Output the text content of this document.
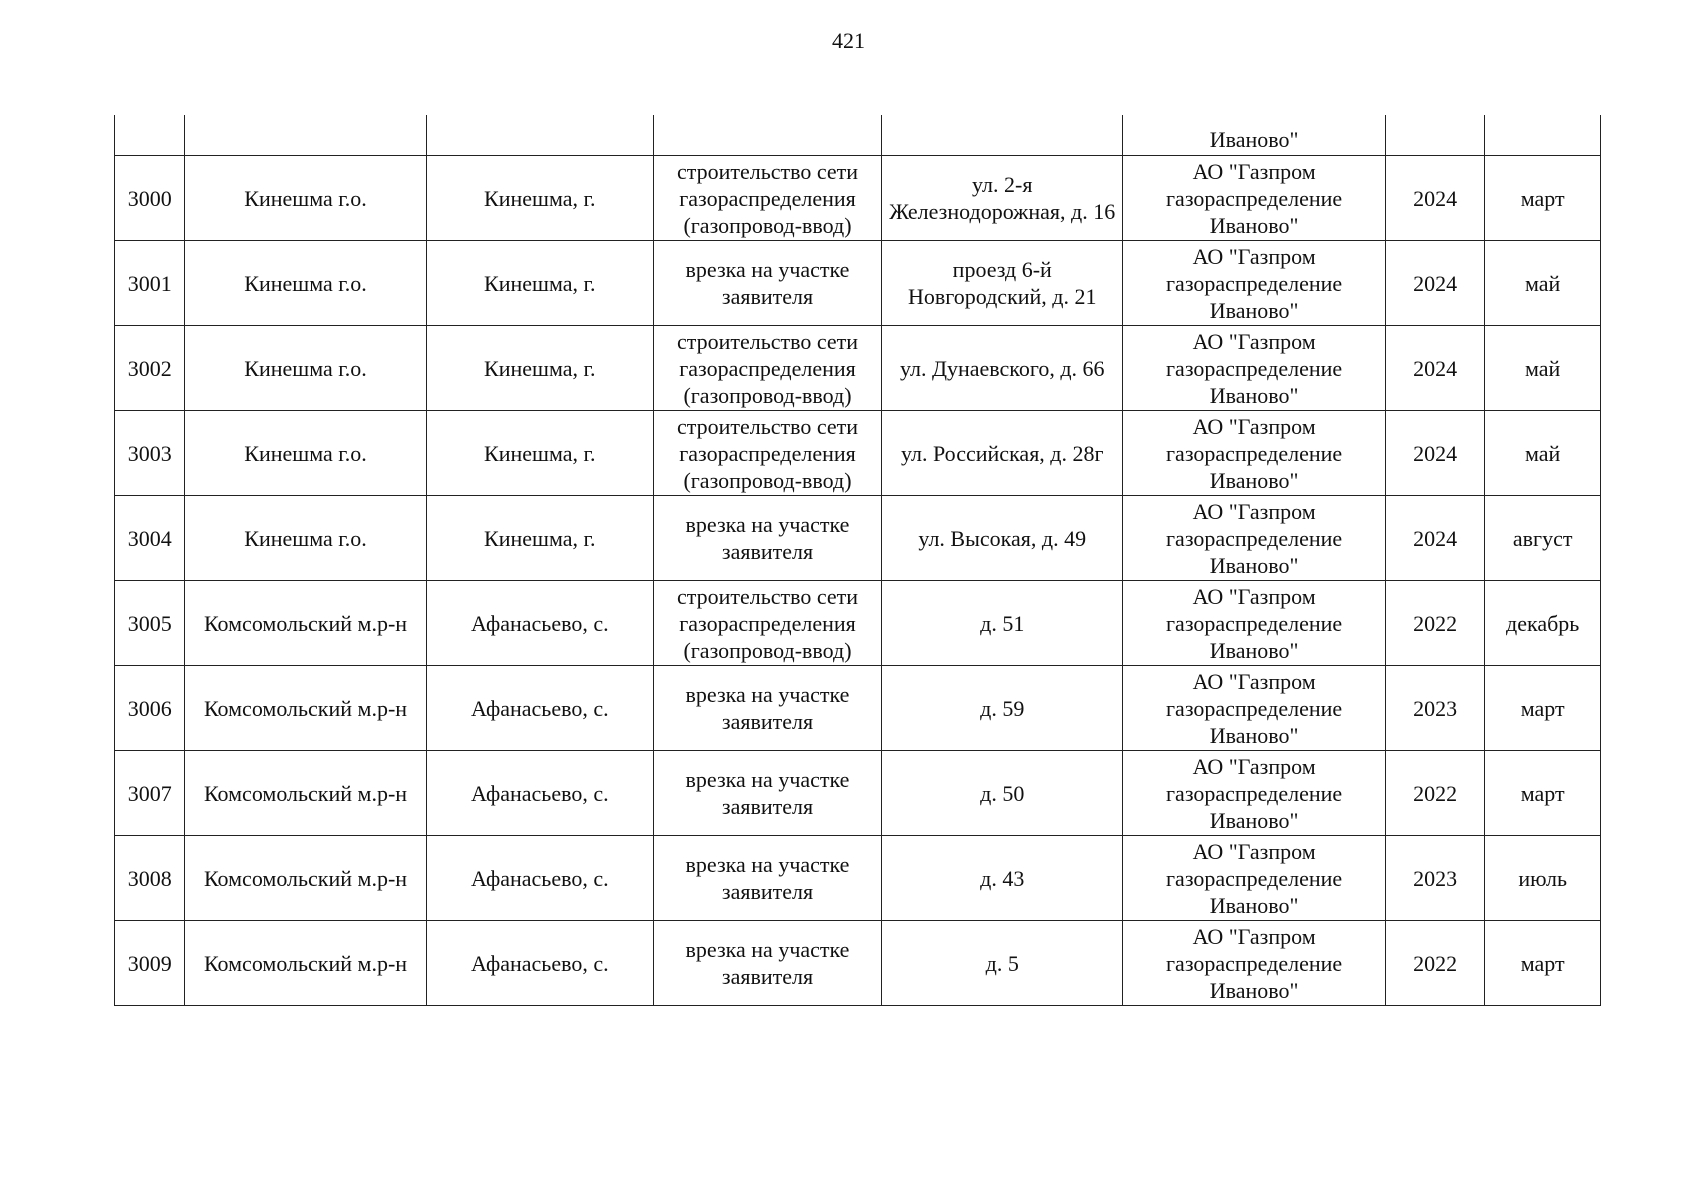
421
					Иваново"		
3000	Кинешма г.о.	Кинешма, г.	строительство сети газораспределения (газопровод-ввод)	ул. 2-я Железнодорожная, д. 16	АО "Газпром газораспределение Иваново"	2024	март
3001	Кинешма г.о.	Кинешма, г.	врезка на участке заявителя	проезд 6-й Новгородский, д. 21	АО "Газпром газораспределение Иваново"	2024	май
3002	Кинешма г.о.	Кинешма, г.	строительство сети газораспределения (газопровод-ввод)	ул. Дунаевского, д. 66	АО "Газпром газораспределение Иваново"	2024	май
3003	Кинешма г.о.	Кинешма, г.	строительство сети газораспределения (газопровод-ввод)	ул. Российская, д. 28г	АО "Газпром газораспределение Иваново"	2024	май
3004	Кинешма г.о.	Кинешма, г.	врезка на участке заявителя	ул. Высокая, д. 49	АО "Газпром газораспределение Иваново"	2024	август
3005	Комсомольский м.р-н	Афанасьево, с.	строительство сети газораспределения (газопровод-ввод)	д. 51	АО "Газпром газораспределение Иваново"	2022	декабрь
3006	Комсомольский м.р-н	Афанасьево, с.	врезка на участке заявителя	д. 59	АО "Газпром газораспределение Иваново"	2023	март
3007	Комсомольский м.р-н	Афанасьево, с.	врезка на участке заявителя	д. 50	АО "Газпром газораспределение Иваново"	2022	март
3008	Комсомольский м.р-н	Афанасьево, с.	врезка на участке заявителя	д. 43	АО "Газпром газораспределение Иваново"	2023	июль
3009	Комсомольский м.р-н	Афанасьево, с.	врезка на участке заявителя	д. 5	АО "Газпром газораспределение Иваново"	2022	март
